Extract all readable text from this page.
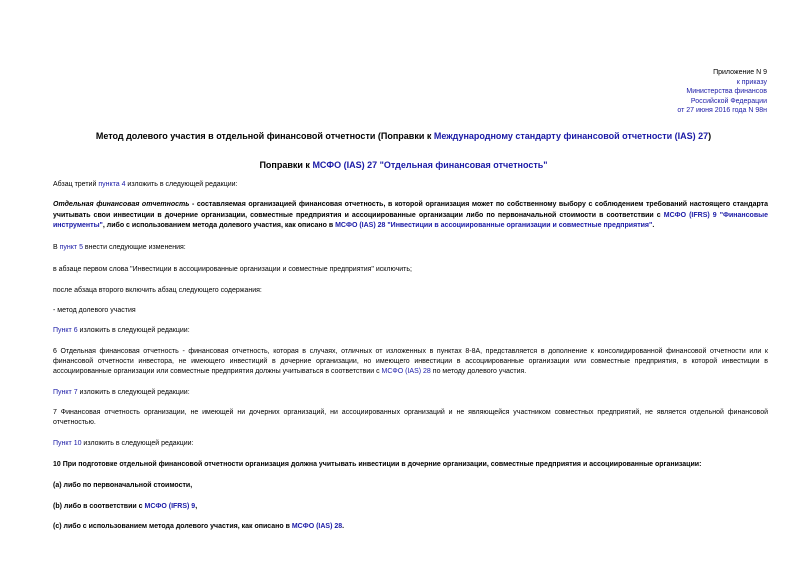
Приложение N 9
к приказу
Министерства финансов
Российской Федерации
от 27 июня 2016 года N 98н
Метод долевого участия в отдельной финансовой отчетности (Поправки к Международному стандарту финансовой отчетности (IAS) 27)
Поправки к МСФО (IAS) 27 "Отдельная финансовая отчетность"
Абзац третий пункта 4 изложить в следующей редакции:
Отдельная финансовая отчетность - составляемая организацией финансовая отчетность, в которой организация может по собственному выбору с соблюдением требований настоящего стандарта учитывать свои инвестиции в дочерние организации, совместные предприятия и ассоциированные организации либо по первоначальной стоимости в соответствии с МСФО (IFRS) 9 "Финансовые инструменты", либо с использованием метода долевого участия, как описано в МСФО (IAS) 28 "Инвестиции в ассоциированные организации и совместные предприятия".
В пункт 5 внести следующие изменения:
в абзаце первом слова "Инвестиции в ассоциированные организации и совместные предприятия" исключить;
после абзаца второго включить абзац следующего содержания:
- метод долевого участия
Пункт 6 изложить в следующей редакции:
6 Отдельная финансовая отчетность - финансовая отчетность, которая в случаях, отличных от изложенных в пунктах 8-8А, представляется в дополнение к консолидированной финансовой отчетности или к финансовой отчетности инвестора, не имеющего инвестиций в дочерние организации, но имеющего инвестиции в ассоциированные организации или совместные предприятия, в которой инвестиции в ассоциированные организации или совместные предприятия должны учитываться в соответствии с МСФО (IAS) 28 по методу долевого участия.
Пункт 7 изложить в следующей редакции:
7 Финансовая отчетность организации, не имеющей ни дочерних организаций, ни ассоциированных организаций и не являющейся участником совместных предприятий, не является отдельной финансовой отчетностью.
Пункт 10 изложить в следующей редакции:
10 При подготовке отдельной финансовой отчетности организация должна учитывать инвестиции в дочерние организации, совместные предприятия и ассоциированные организации:
(a) либо по первоначальной стоимости,
(b) либо в соответствии с МСФО (IFRS) 9,
(c) либо с использованием метода долевого участия, как описано в МСФО (IAS) 28.
